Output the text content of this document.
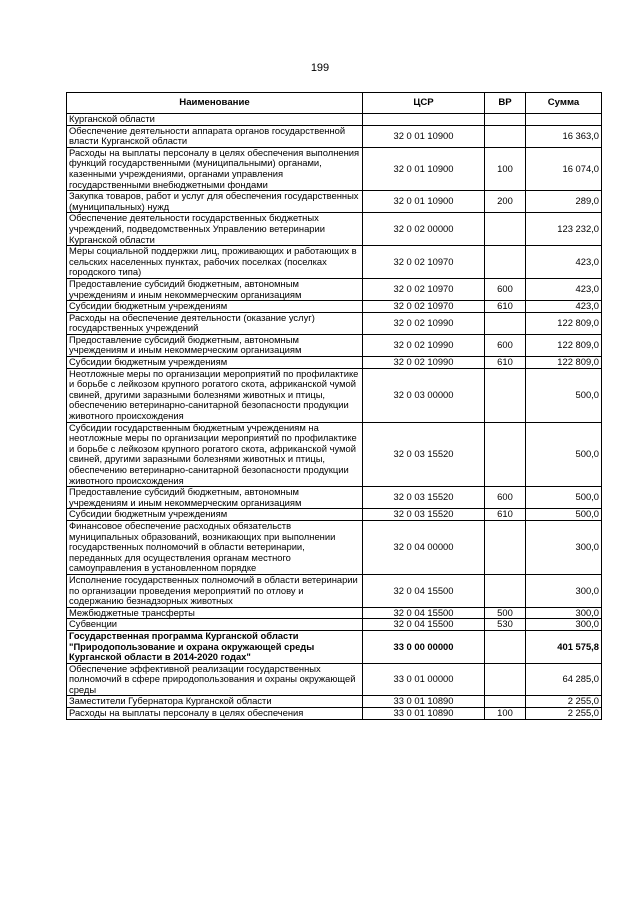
199
Наименование	ЦСР	ВР	Сумма
Курганской области			
Обеспечение деятельности аппарата органов государственной власти Курганской области	32 0 01 10900		16 363,0
Расходы на выплаты персоналу в целях обеспечения выполнения функций государственными (муниципальными) органами, казенными учреждениями, органами управления государственными внебюджетными фондами	32 0 01 10900	100	16 074,0
Закупка товаров, работ и услуг для обеспечения государственных (муниципальных) нужд	32 0 01 10900	200	289,0
Обеспечение деятельности государственных бюджетных учреждений, подведомственных Управлению ветеринарии Курганской области	32 0 02 00000		123 232,0
Меры социальной поддержки лиц, проживающих и работающих в сельских населенных пунктах, рабочих поселках (поселках городского типа)	32 0 02 10970		423,0
Предоставление субсидий бюджетным, автономным учреждениям и иным некоммерческим организациям	32 0 02 10970	600	423,0
Субсидии бюджетным учреждениям	32 0 02 10970	610	423,0
Расходы на обеспечение деятельности (оказание услуг) государственных учреждений	32 0 02 10990		122 809,0
Предоставление субсидий бюджетным, автономным учреждениям и иным некоммерческим организациям	32 0 02 10990	600	122 809,0
Субсидии бюджетным учреждениям	32 0 02 10990	610	122 809,0
Неотложные меры по организации мероприятий по профилактике и борьбе с лейкозом крупного рогатого скота, африканской чумой свиней, другими заразными болезнями животных и птицы, обеспечению ветеринарно-санитарной безопасности продукции животного происхождения	32 0 03 00000		500,0
Субсидии государственным бюджетным учреждениям на неотложные меры по организации мероприятий по профилактике и борьбе с лейкозом крупного рогатого скота, африканской чумой свиней, другими заразными болезнями животных и птицы, обеспечению ветеринарно-санитарной безопасности продукции животного происхождения	32 0 03 15520		500,0
Предоставление субсидий бюджетным, автономным учреждениям и иным некоммерческим организациям	32 0 03 15520	600	500,0
Субсидии бюджетным учреждениям	32 0 03 15520	610	500,0
Финансовое обеспечение расходных обязательств муниципальных образований, возникающих при выполнении государственных полномочий в области ветеринарии, переданных для осуществления органам местного самоуправления в установленном порядке	32 0 04 00000		300,0
Исполнение государственных полномочий в области ветеринарии по организации проведения мероприятий по отлову и содержанию безнадзорных животных	32 0 04 15500		300,0
Межбюджетные трансферты	32 0 04 15500	500	300,0
Субвенции	32 0 04 15500	530	300,0
Государственная программа Курганской области "Природопользование и охрана окружающей среды Курганской области в 2014-2020 годах"	33 0 00 00000		401 575,8
Обеспечение эффективной реализации государственных полномочий в сфере природопользования и охраны окружающей среды	33 0 01 00000		64 285,0
Заместители Губернатора Курганской области	33 0 01 10890		2 255,0
Расходы на выплаты персоналу в целях обеспечения	33 0 01 10890	100	2 255,0
